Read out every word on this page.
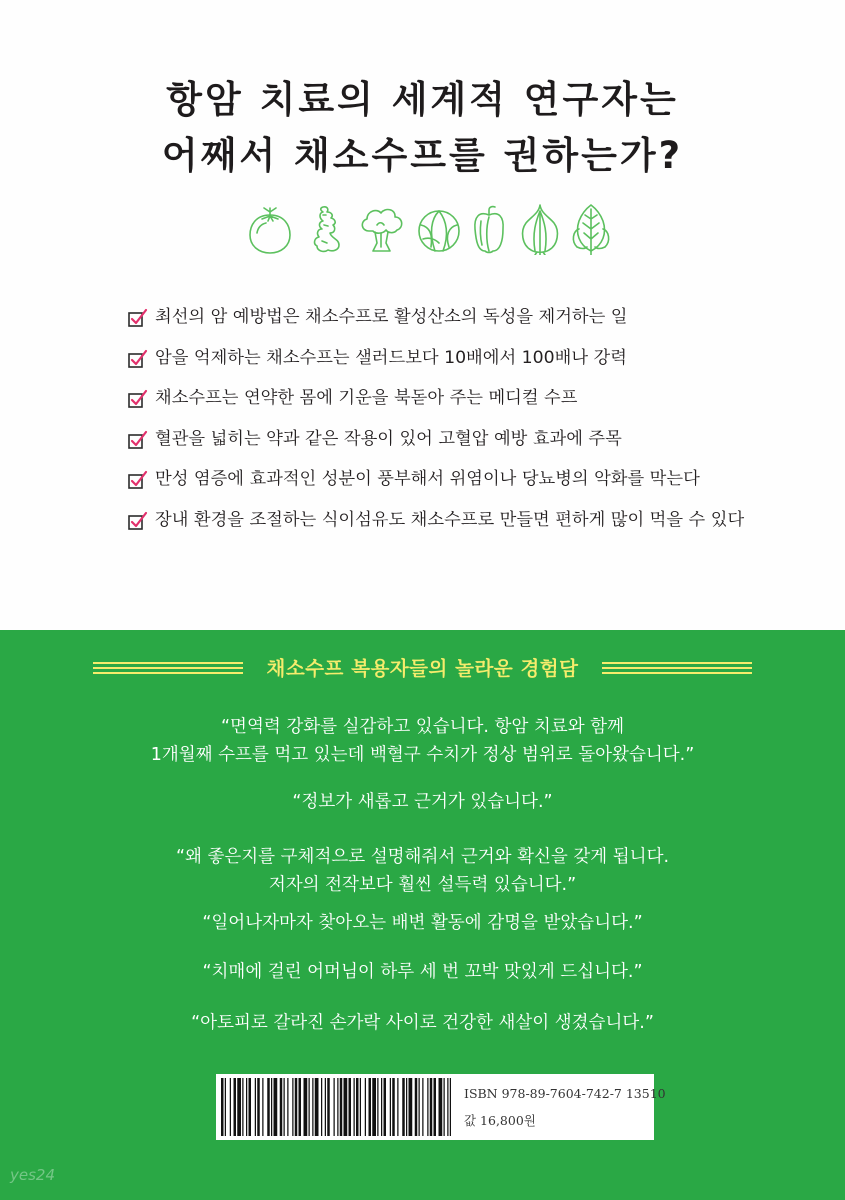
항암 치료의 세계적 연구자는
어째서 채소수프를 권하는가?
최선의 암 예방법은 채소수프로 활성산소의 독성을 제거하는 일
암을 억제하는 채소수프는 샐러드보다 10배에서 100배나 강력
채소수프는 연약한 몸에 기운을 북돋아 주는 메디컬 수프
혈관을 넓히는 약과 같은 작용이 있어 고혈압 예방 효과에 주목
만성 염증에 효과적인 성분이 풍부해서 위염이나 당뇨병의 악화를 막는다
장내 환경을 조절하는 식이섬유도 채소수프로 만들면 편하게 많이 먹을 수 있다
채소수프 복용자들의 놀라운 경험담
“면역력 강화를 실감하고 있습니다. 항암 치료와 함께
1개월째 수프를 먹고 있는데 백혈구 수치가 정상 범위로 돌아왔습니다.”
“정보가 새롭고 근거가 있습니다.”
“왜 좋은지를 구체적으로 설명해줘서 근거와 확신을 갖게 됩니다.
저자의 전작보다 훨씬 설득력 있습니다.”
“일어나자마자 찾아오는 배변 활동에 감명을 받았습니다.”
“치매에 걸린 어머님이 하루 세 번 꼬박 맛있게 드십니다.”
“아토피로 갈라진 손가락 사이로 건강한 새살이 생겼습니다.”
ISBN 978-89-7604-742-7 13510
값 16,800원
yes24
